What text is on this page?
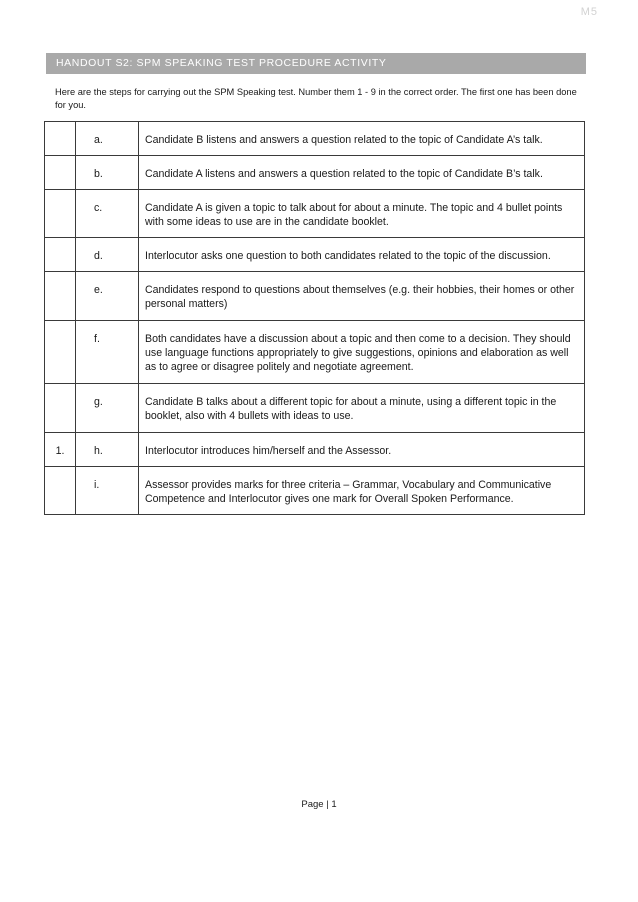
M5
HANDOUT S2: SPM SPEAKING TEST PROCEDURE ACTIVITY
Here are the steps for carrying out the SPM Speaking test. Number them 1 - 9 in the correct order. The first one has been done for you.

	a.	Candidate B listens and answers a question related to the topic of Candidate A’s talk.

	b.	Candidate A listens and answers a question related to the topic of Candidate B’s talk.

	c.	Candidate A is given a topic to talk about for about a minute. The topic and 4 bullet points with some ideas to use are in the candidate booklet.

	d.	Interlocutor asks one question to both candidates related to the topic of the discussion.

	e.	Candidates respond to questions about themselves (e.g. their hobbies, their homes or other personal matters)

	f.	Both candidates have a discussion about a topic and then come to a decision. They should use language functions appropriately to give suggestions, opinions and elaboration as well as to agree or disagree politely and negotiate agreement.

	g.	Candidate B talks about a different topic for about a minute, using a different topic in the booklet, also with 4 bullets with ideas to use.

1.	h.	Interlocutor introduces him/herself and the Assessor.

	i.	Assessor provides marks for three criteria – Grammar, Vocabulary and Communicative Competence and Interlocutor gives one mark for Overall Spoken Performance.
Page | 1
